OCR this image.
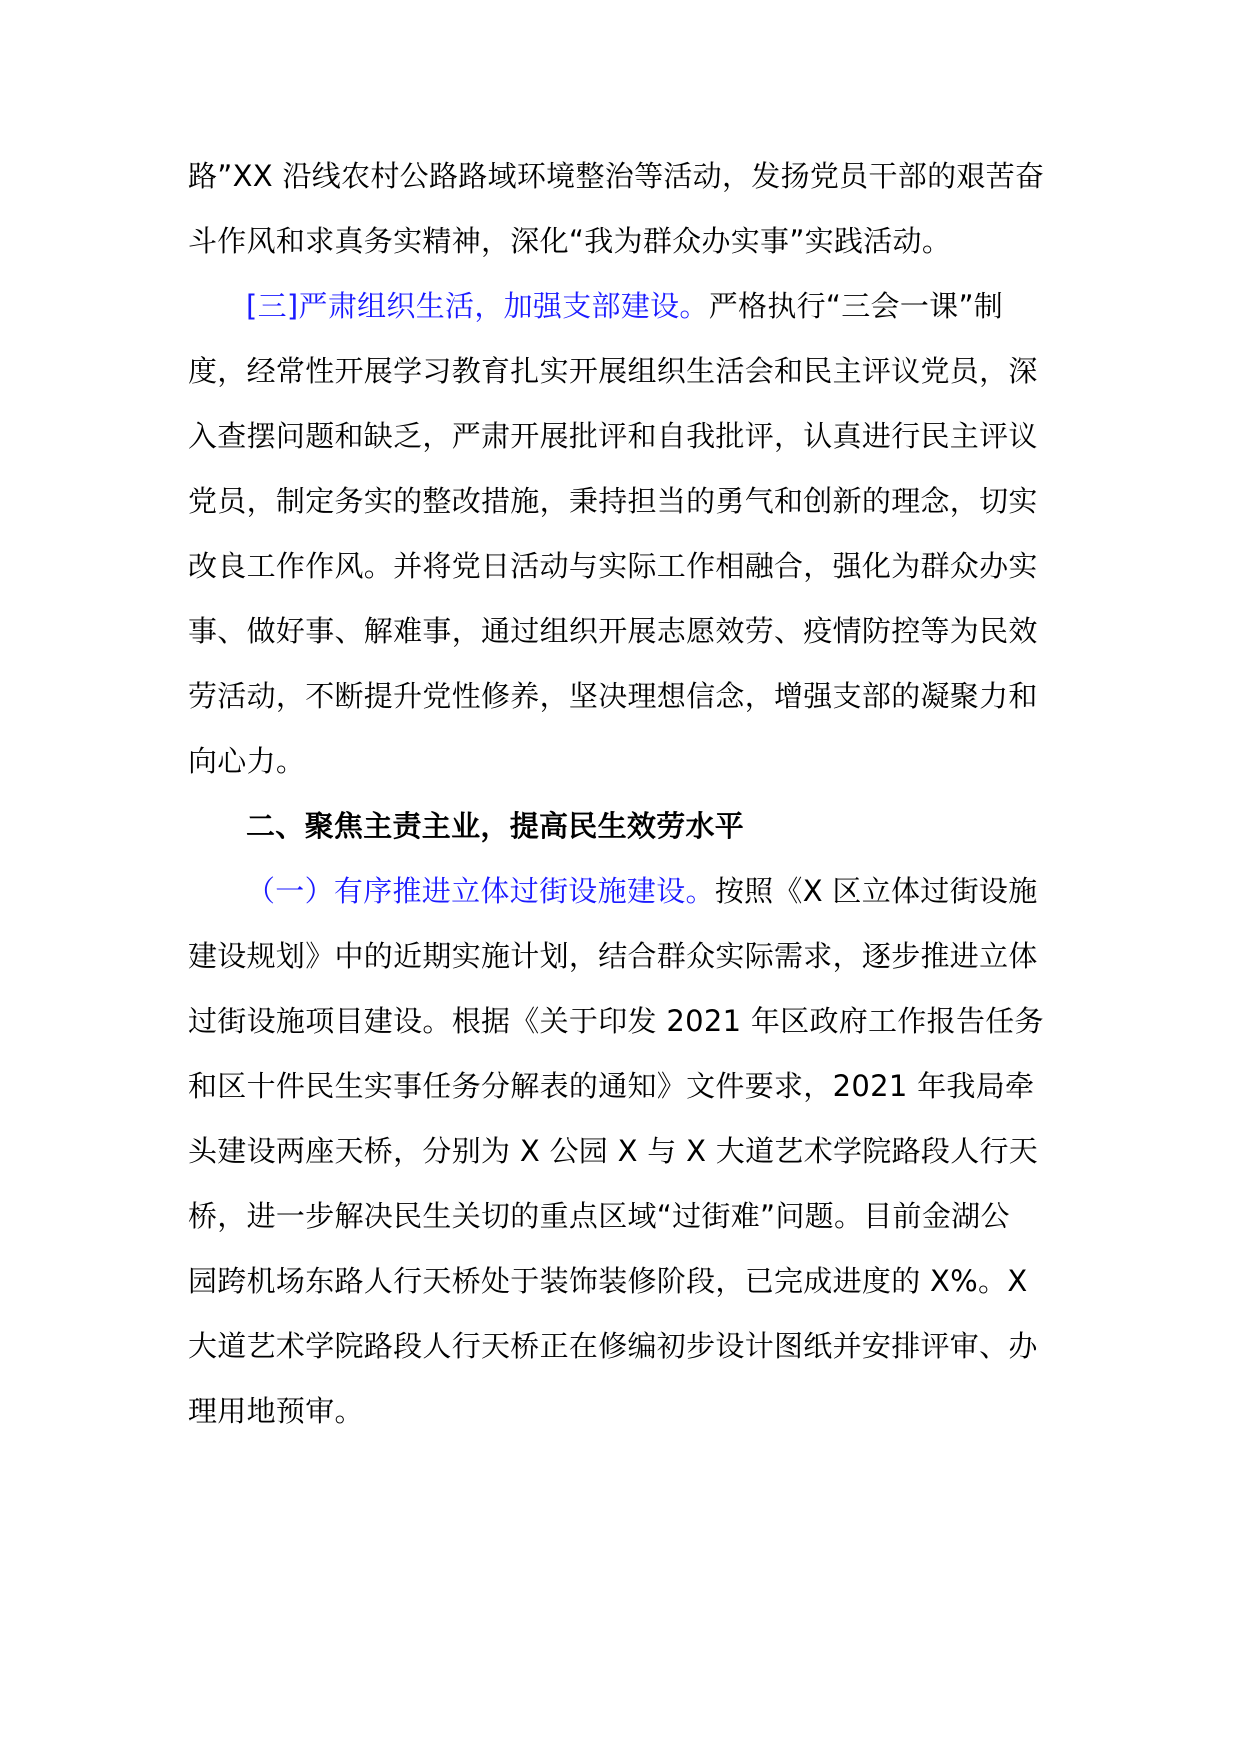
路”XX 沿线农村公路路域环境整治等活动，发扬党员干部的艰苦奋
斗作风和求真务实精神，深化“我为群众办实事”实践活动。
[三]严肃组织生活，加强支部建设。严格执行“三会一课”制
度，经常性开展学习教育扎实开展组织生活会和民主评议党员，深
入查摆问题和缺乏，严肃开展批评和自我批评，认真进行民主评议
党员，制定务实的整改措施，秉持担当的勇气和创新的理念，切实
改良工作作风。并将党日活动与实际工作相融合，强化为群众办实
事、做好事、解难事，通过组织开展志愿效劳、疫情防控等为民效
劳活动，不断提升党性修养，坚决理想信念，增强支部的凝聚力和
向心力。
二、聚焦主责主业，提高民生效劳水平
（一）有序推进立体过街设施建设。按照《X 区立体过街设施
建设规划》中的近期实施计划，结合群众实际需求，逐步推进立体
过街设施项目建设。根据《关于印发 2021 年区政府工作报告任务
和区十件民生实事任务分解表的通知》文件要求，2021 年我局牵
头建设两座天桥，分别为 X 公园 X 与 X 大道艺术学院路段人行天
桥，进一步解决民生关切的重点区域“过街难”问题。目前金湖公
园跨机场东路人行天桥处于装饰装修阶段，已完成进度的 X%。X
大道艺术学院路段人行天桥正在修编初步设计图纸并安排评审、办
理用地预审。
